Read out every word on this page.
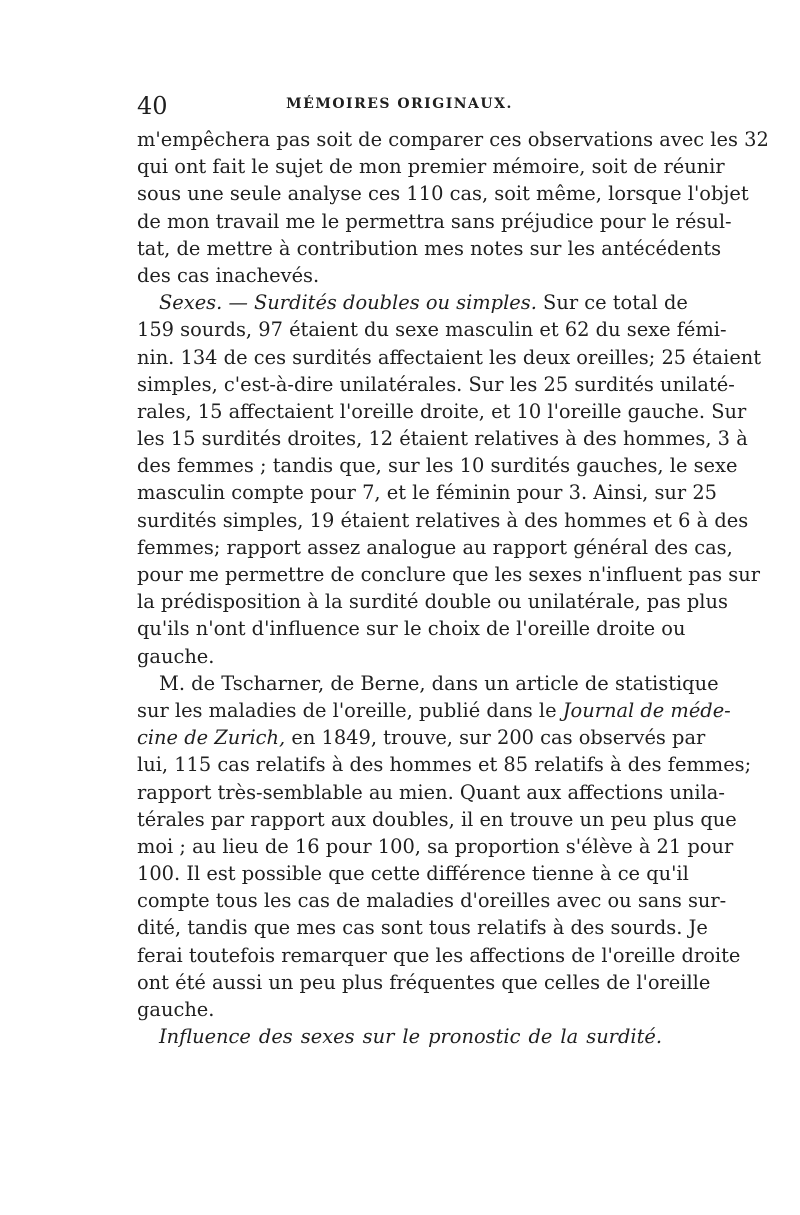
40	MÉMOIRES ORIGINAUX.
m'empêchera pas soit de comparer ces observations avec les 32
qui ont fait le sujet de mon premier mémoire, soit de réunir
sous une seule analyse ces 110 cas, soit même, lorsque l'objet
de mon travail me le permettra sans préjudice pour le résul-
tat, de mettre à contribution mes notes sur les antécédents
des cas inachevés.
Sexes. — Surdités doubles ou simples. Sur ce total de
159 sourds, 97 étaient du sexe masculin et 62 du sexe fémi-
nin. 134 de ces surdités affectaient les deux oreilles; 25 étaient
simples, c'est-à-dire unilatérales. Sur les 25 surdités unilaté-
rales, 15 affectaient l'oreille droite, et 10 l'oreille gauche. Sur
les 15 surdités droites, 12 étaient relatives à des hommes, 3 à
des femmes ; tandis que, sur les 10 surdités gauches, le sexe
masculin compte pour 7, et le féminin pour 3. Ainsi, sur 25
surdités simples, 19 étaient relatives à des hommes et 6 à des
femmes; rapport assez analogue au rapport général des cas,
pour me permettre de conclure que les sexes n'influent pas sur
la prédisposition à la surdité double ou unilatérale, pas plus
qu'ils n'ont d'influence sur le choix de l'oreille droite ou
gauche.
M. de Tscharner, de Berne, dans un article de statistique
sur les maladies de l'oreille, publié dans le Journal de méde-
cine de Zurich, en 1849, trouve, sur 200 cas observés par
lui, 115 cas relatifs à des hommes et 85 relatifs à des femmes;
rapport très-semblable au mien. Quant aux affections unila-
térales par rapport aux doubles, il en trouve un peu plus que
moi ; au lieu de 16 pour 100, sa proportion s'élève à 21 pour
100. Il est possible que cette différence tienne à ce qu'il
compte tous les cas de maladies d'oreilles avec ou sans sur-
dité, tandis que mes cas sont tous relatifs à des sourds. Je
ferai toutefois remarquer que les affections de l'oreille droite
ont été aussi un peu plus fréquentes que celles de l'oreille
gauche.
Influence des sexes sur le pronostic de la surdité.
